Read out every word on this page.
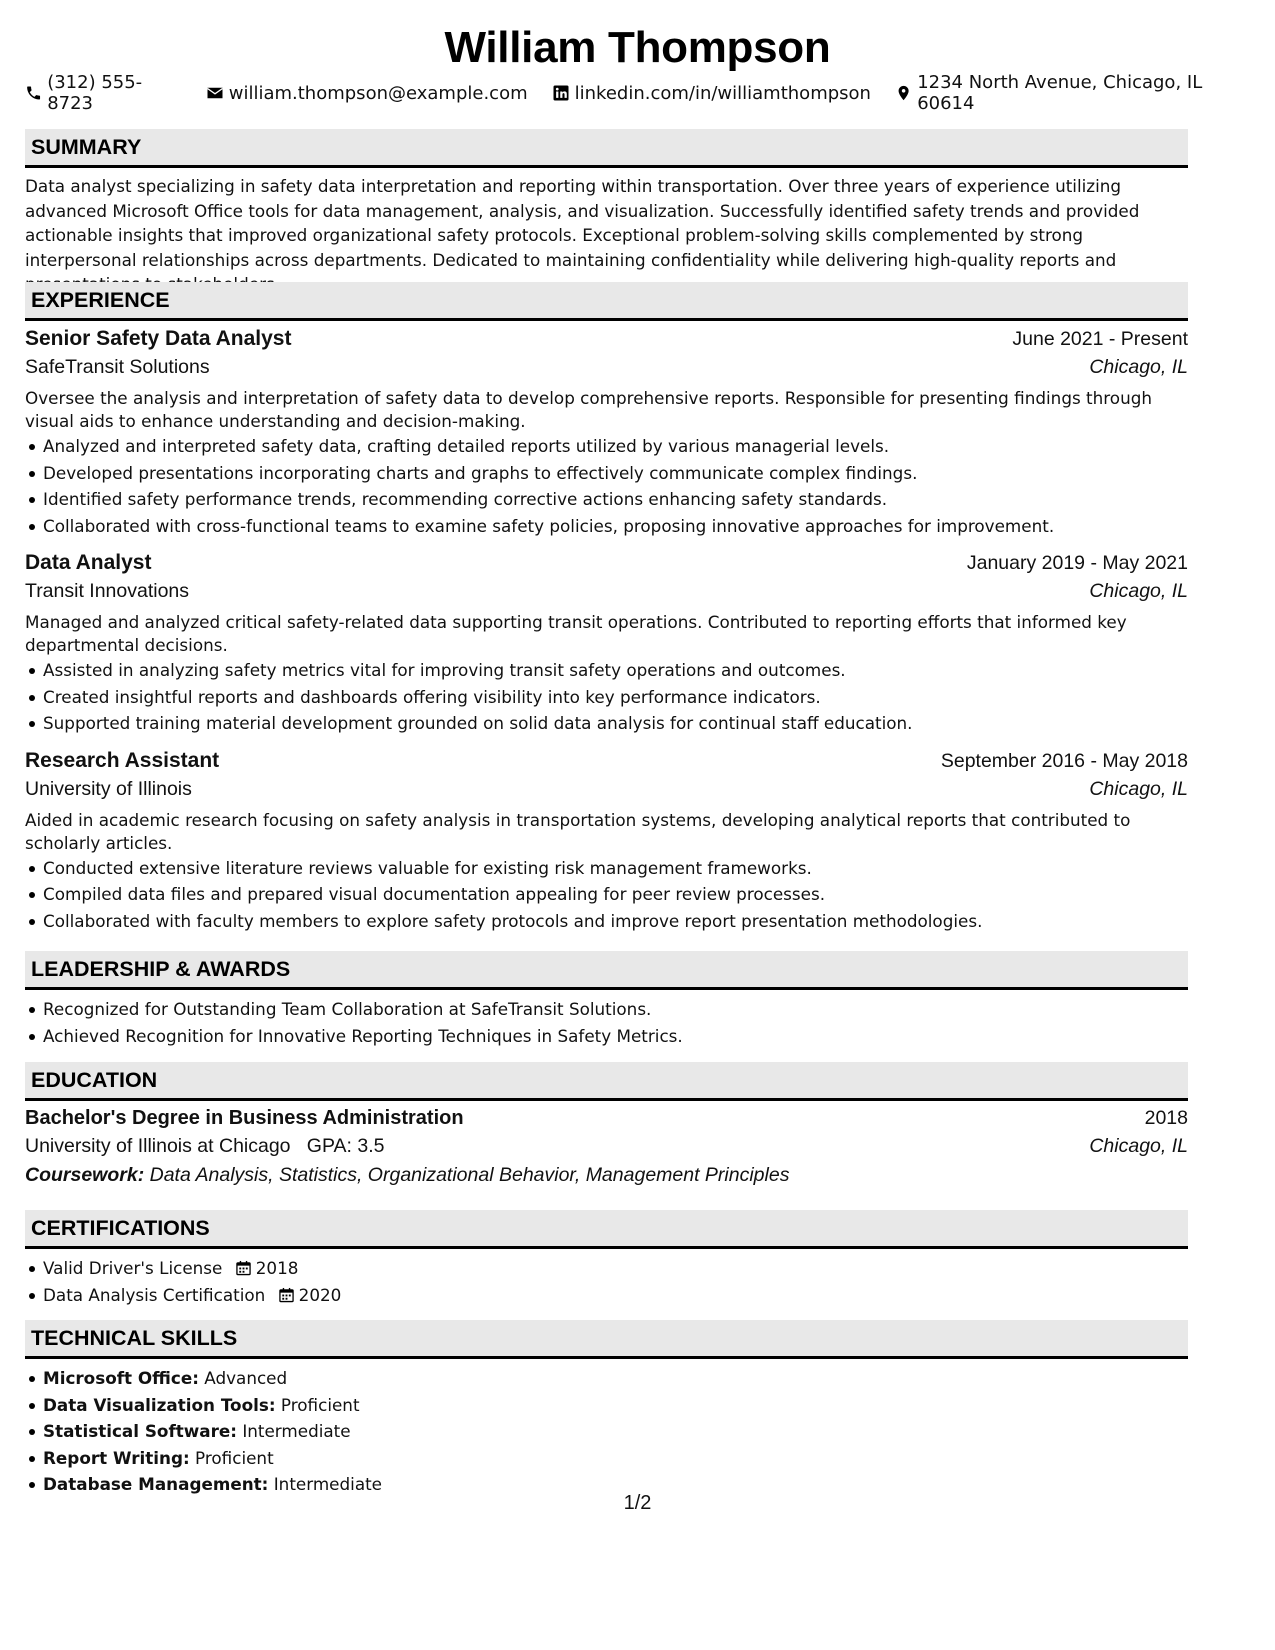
William Thompson
(312) 555-8723	william.thompson@example.com	linkedin.com/in/williamthompson	1234 North Avenue, Chicago, IL 60614
SUMMARY

Data analyst specializing in safety data interpretation and reporting within transportation. Over three years of experience utilizing advanced Microsoft Office tools for data management, analysis, and visualization. Successfully identified safety trends and provided actionable insights that improved organizational safety protocols. Exceptional problem-solving skills complemented by strong interpersonal relationships across departments. Dedicated to maintaining confidentiality while delivering high-quality reports and

EXPERIENCE
Senior Safety Data Analyst	June 2021 - Present
SafeTransit Solutions	Chicago, IL

Oversee the analysis and interpretation of safety data to develop comprehensive reports. Responsible for presenting findings through visual aids to enhance understanding and decision-making.

Analyzed and interpreted safety data, crafting detailed reports utilized by various managerial levels.
Developed presentations incorporating charts and graphs to effectively communicate complex findings.
Identified safety performance trends, recommending corrective actions enhancing safety standards.
Collaborated with cross-functional teams to examine safety policies, proposing innovative approaches for improvement.
Data Analyst	January 2019 - May 2021
Transit Innovations	Chicago, IL

Managed and analyzed critical safety-related data supporting transit operations. Contributed to reporting efforts that informed key departmental decisions.

Assisted in analyzing safety metrics vital for improving transit safety operations and outcomes.
Created insightful reports and dashboards offering visibility into key performance indicators.
Supported training material development grounded on solid data analysis for continual staff education.
Research Assistant	September 2016 - May 2018
University of Illinois	Chicago, IL

Aided in academic research focusing on safety analysis in transportation systems, developing analytical reports that contributed to scholarly articles.

Conducted extensive literature reviews valuable for existing risk management frameworks.
Compiled data files and prepared visual documentation appealing for peer review processes.
Collaborated with faculty members to explore safety protocols and improve report presentation methodologies.
LEADERSHIP & AWARDS
Recognized for Outstanding Team Collaboration at SafeTransit Solutions.
Achieved Recognition for Innovative Reporting Techniques in Safety Metrics.
EDUCATION
Bachelor's Degree in Business Administration	2018
University of Illinois at Chicago GPA: 3.5	Chicago, IL
Coursework: Data Analysis, Statistics, Organizational Behavior, Management Principles
CERTIFICATIONS
Valid Driver's License 2018
Data Analysis Certification 2020
TECHNICAL SKILLS
Microsoft Office: Advanced
Data Visualization Tools: Proficient
Statistical Software: Intermediate
Report Writing: Proficient
Database Management: Intermediate
1/2
